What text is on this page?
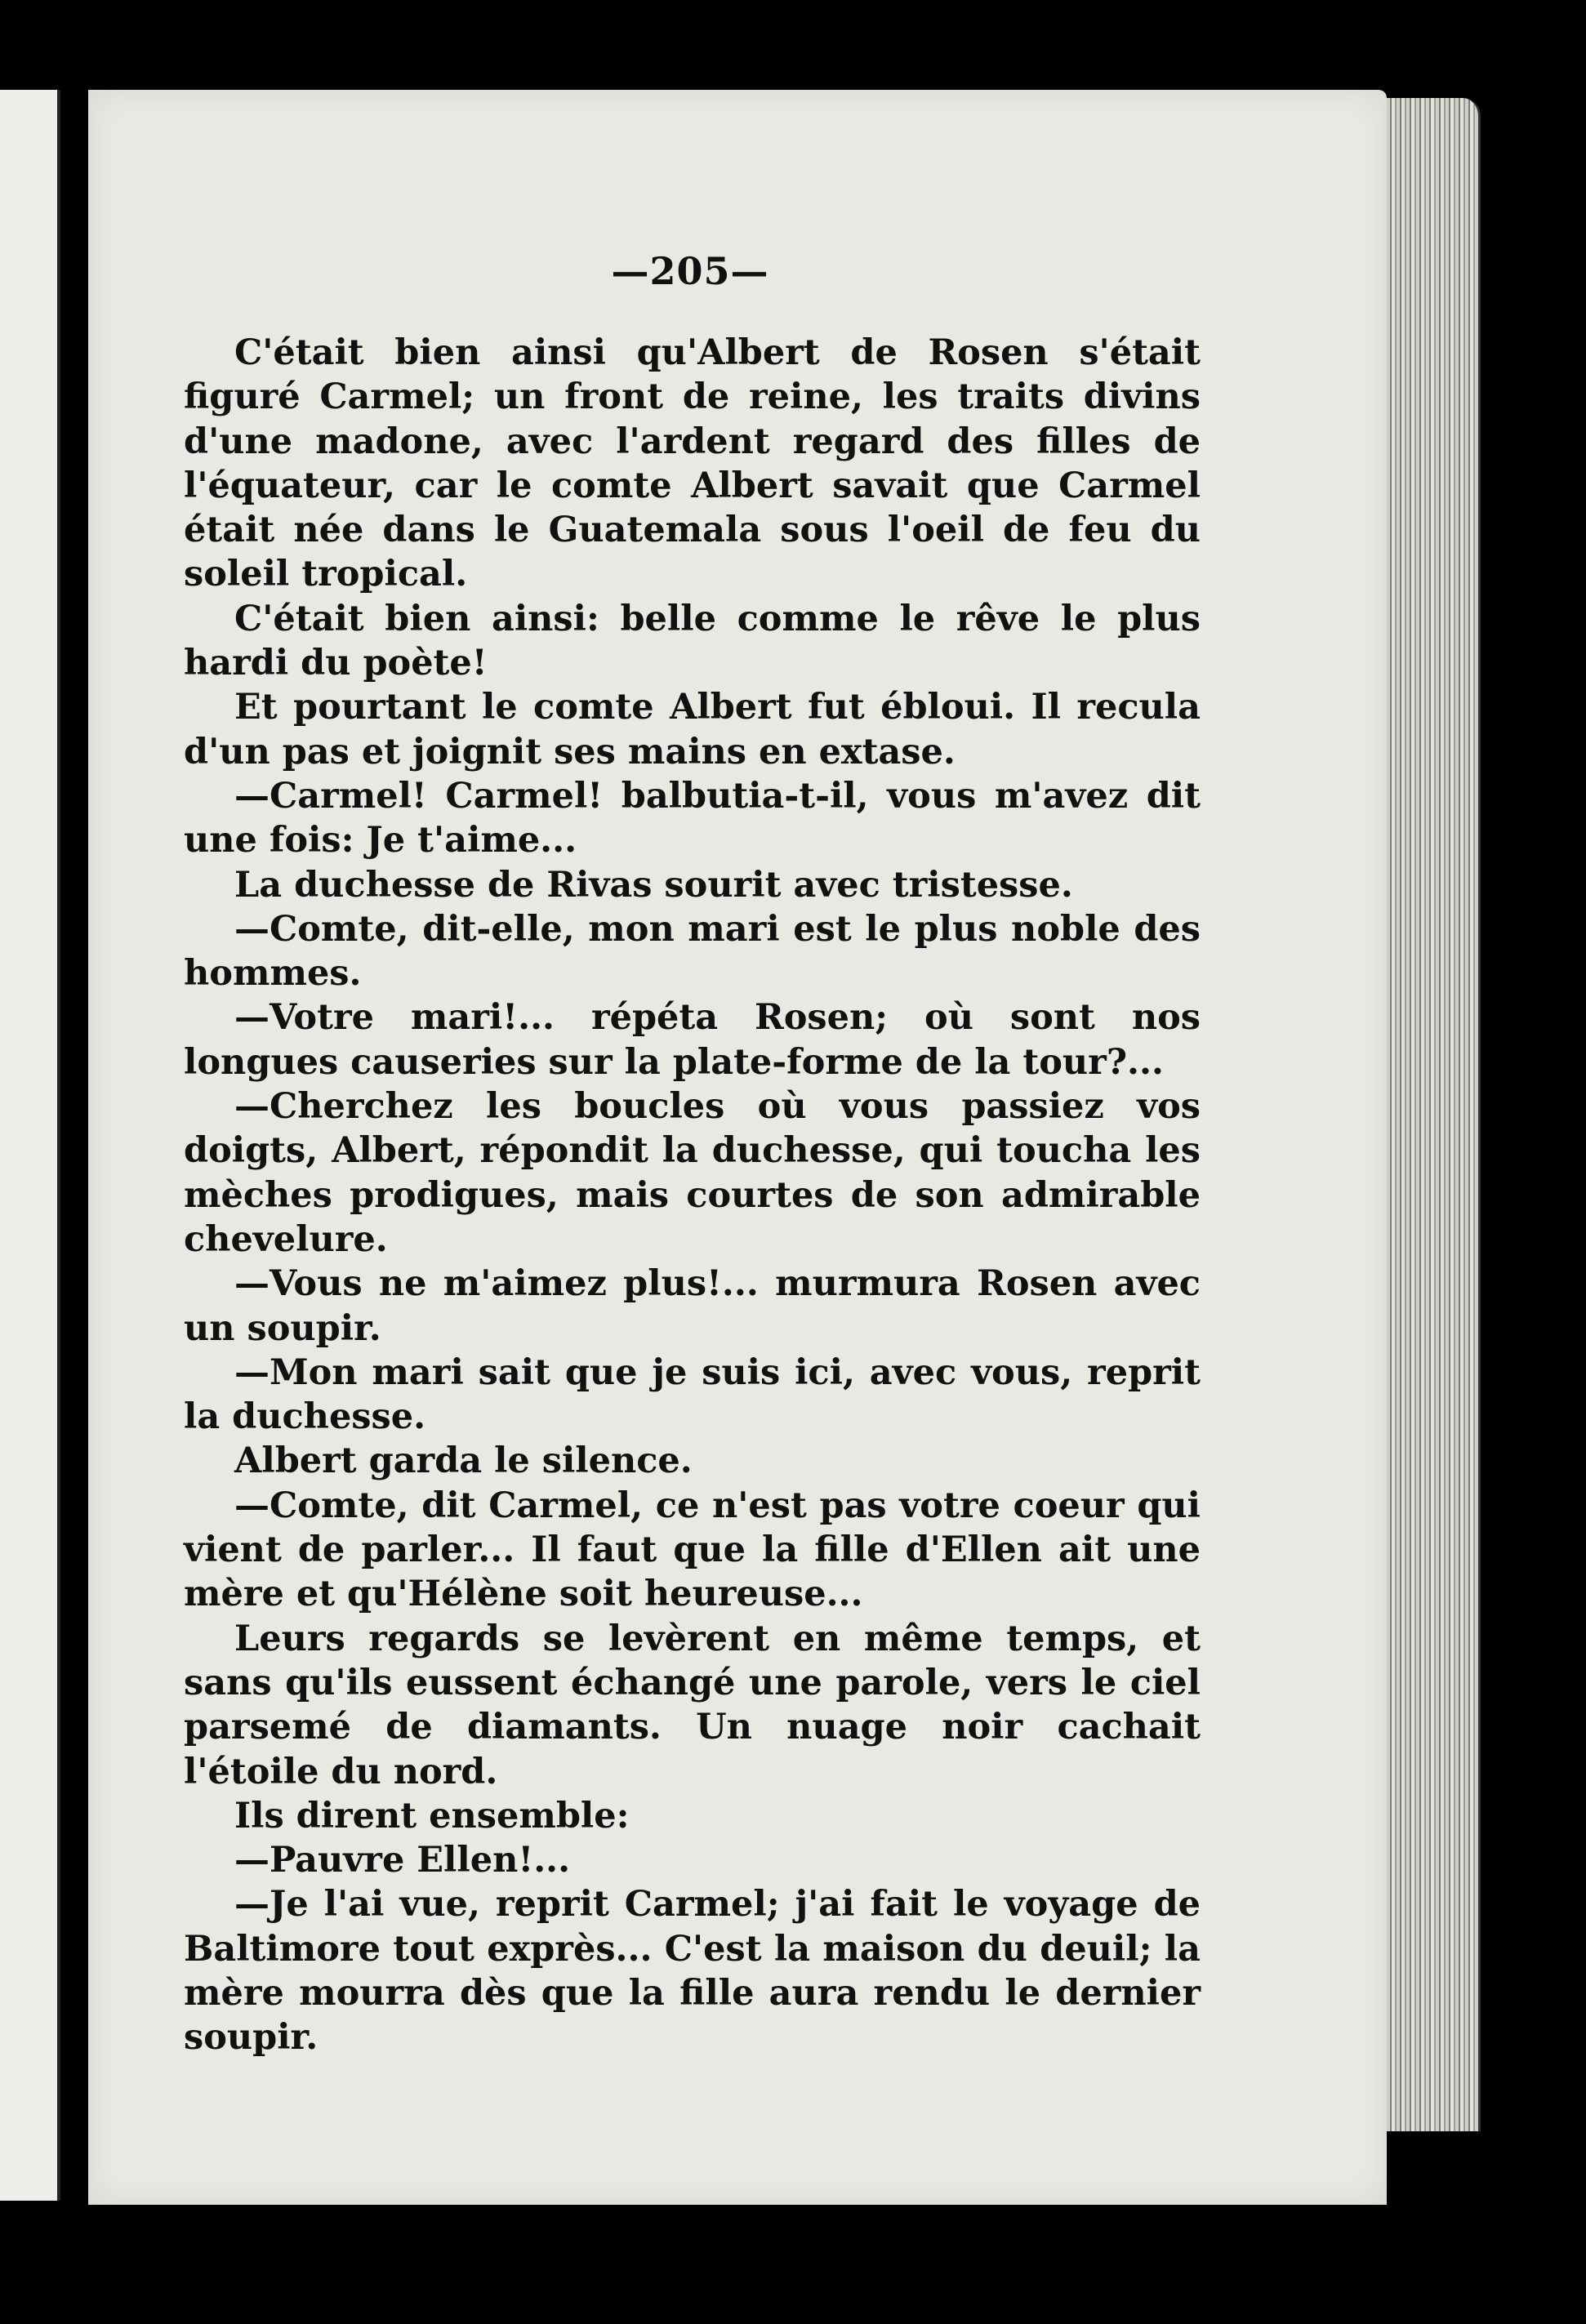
—205—

C'était bien ainsi qu'Albert de Rosen s'était figuré Carmel; un front de reine, les traits divins d'une madone, avec l'ardent regard des filles de l'équateur, car le comte Albert savait que Carmel était née dans le Guatemala sous l'oeil de feu du soleil tropical.

C'était bien ainsi: belle comme le rêve le plus hardi du poète!

Et pourtant le comte Albert fut ébloui. Il recula d'un pas et joignit ses mains en extase.

—Carmel! Carmel! balbutia-t-il, vous m'avez dit une fois: Je t'aime...

La duchesse de Rivas sourit avec tristesse.

—Comte, dit-elle, mon mari est le plus noble des hommes.

—Votre mari!... répéta Rosen; où sont nos longues causeries sur la plate-forme de la tour?...

—Cherchez les boucles où vous passiez vos doigts, Albert, répondit la duchesse, qui toucha les mèches prodigues, mais courtes de son admirable chevelure.

—Vous ne m'aimez plus!... murmura Rosen avec un soupir.

—Mon mari sait que je suis ici, avec vous, reprit la duchesse.

Albert garda le silence.

—Comte, dit Carmel, ce n'est pas votre coeur qui vient de parler... Il faut que la fille d'Ellen ait une mère et qu'Hélène soit heureuse...

Leurs regards se levèrent en même temps, et sans qu'ils eussent échangé une parole, vers le ciel parsemé de diamants. Un nuage noir cachait l'étoile du nord.

Ils dirent ensemble:

—Pauvre Ellen!...

—Je l'ai vue, reprit Carmel; j'ai fait le voyage de Baltimore tout exprès... C'est la maison du deuil; la mère mourra dès que la fille aura rendu le dernier soupir.
